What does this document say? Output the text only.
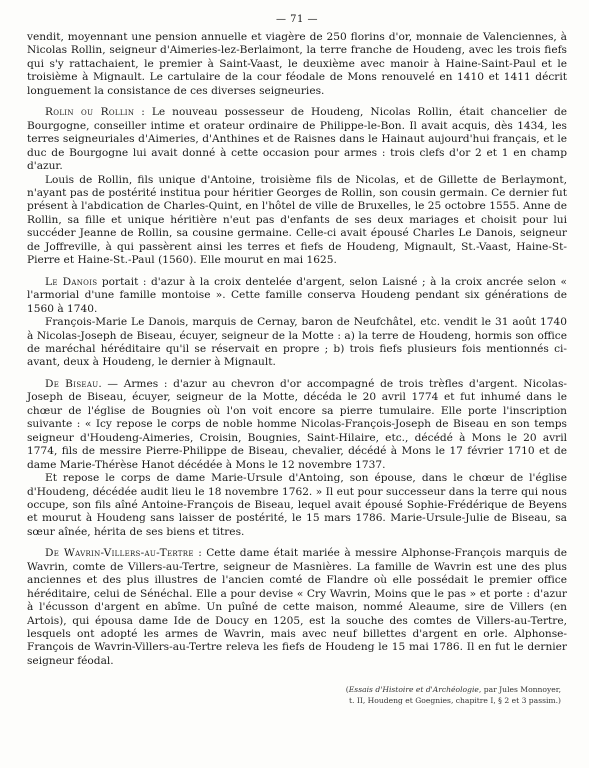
— 71 —

vendit, moyennant une pension annuelle et viagère de 250 florins d'or, monnaie de Valenciennes, à Nicolas Rollin, seigneur d'Aimeries-lez-Berlaimont, la terre franche de Houdeng, avec les trois fiefs qui s'y rattachaient, le premier à Saint-Vaast, le deuxième avec manoir à Haine-Saint-Paul et le troisième à Mignault. Le cartulaire de la cour féodale de Mons renouvelé en 1410 et 1411 décrit longuement la consistance de ces diverses seigneuries.

Rolin ou Rollin : Le nouveau possesseur de Houdeng, Nicolas Rollin, était chancelier de Bourgogne, conseiller intime et orateur ordinaire de Philippe-le-Bon. Il avait acquis, dès 1434, les terres seigneuriales d'Aimeries, d'Anthines et de Raisnes dans le Hainaut aujourd'hui français, et le duc de Bourgogne lui avait donné à cette occasion pour armes : trois clefs d'or 2 et 1 en champ d'azur.

Louis de Rollin, fils unique d'Antoine, troisième fils de Nicolas, et de Gillette de Berlaymont, n'ayant pas de postérité institua pour héritier Georges de Rollin, son cousin germain. Ce dernier fut présent à l'abdication de Charles-Quint, en l'hôtel de ville de Bruxelles, le 25 octobre 1555. Anne de Rollin, sa fille et unique héritière n'eut pas d'enfants de ses deux mariages et choisit pour lui succéder Jeanne de Rollin, sa cousine germaine. Celle-ci avait épousé Charles Le Danois, seigneur de Joffreville, à qui passèrent ainsi les terres et fiefs de Houdeng, Mignault, St.-Vaast, Haine-St-Pierre et Haine-St.-Paul (1560). Elle mourut en mai 1625.

Le Danois portait : d'azur à la croix dentelée d'argent, selon Laisné ; à la croix ancrée selon « l'armorial d'une famille montoise ». Cette famille conserva Houdeng pendant six générations de 1560 à 1740.

François-Marie Le Danois, marquis de Cernay, baron de Neufchâtel, etc. vendit le 31 août 1740 à Nicolas-Joseph de Biseau, écuyer, seigneur de la Motte : a) la terre de Houdeng, hormis son office de maréchal héréditaire qu'il se réservait en propre ; b) trois fiefs plusieurs fois mentionnés ci-avant, deux à Houdeng, le dernier à Mignault.

De Biseau. — Armes : d'azur au chevron d'or accompagné de trois trèfles d'argent. Nicolas-Joseph de Biseau, écuyer, seigneur de la Motte, décéda le 20 avril 1774 et fut inhumé dans le chœur de l'église de Bougnies où l'on voit encore sa pierre tumulaire. Elle porte l'inscription suivante : « Icy repose le corps de noble homme Nicolas-François-Joseph de Biseau en son temps seigneur d'Houdeng-Aimeries, Croisin, Bougnies, Saint-Hilaire, etc., décédé à Mons le 20 avril 1774, fils de messire Pierre-Philippe de Biseau, chevalier, décédé à Mons le 17 février 1710 et de dame Marie-Thérèse Hanot décédée à Mons le 12 novembre 1737.

Et repose le corps de dame Marie-Ursule d'Antoing, son épouse, dans le chœur de l'église d'Houdeng, décédée audit lieu le 18 novembre 1762. » Il eut pour successeur dans la terre qui nous occupe, son fils aîné Antoine-François de Biseau, lequel avait épousé Sophie-Frédérique de Beyens et mourut à Houdeng sans laisser de postérité, le 15 mars 1786. Marie-Ursule-Julie de Biseau, sa sœur aînée, hérita de ses biens et titres.

De Wavrin-Villers-au-Tertre : Cette dame était mariée à messire Alphonse-François marquis de Wavrin, comte de Villers-au-Tertre, seigneur de Masnières. La famille de Wavrin est une des plus anciennes et des plus illustres de l'ancien comté de Flandre où elle possédait le premier office héréditaire, celui de Sénéchal. Elle a pour devise « Cry Wavrin, Moins que le pas » et porte : d'azur à l'écusson d'argent en abîme. Un puîné de cette maison, nommé Aleaume, sire de Villers (en Artois), qui épousa dame Ide de Doucy en 1205, est la souche des comtes de Villers-au-Tertre, lesquels ont adopté les armes de Wavrin, mais avec neuf billettes d'argent en orle. Alphonse-François de Wavrin-Villers-au-Tertre releva les fiefs de Houdeng le 15 mai 1786. Il en fut le dernier seigneur féodal.

(Essais d'Histoire et d'Archéologie, par Jules Monnoyer,
t. II, Houdeng et Goegnies, chapitre I, § 2 et 3 passim.)
